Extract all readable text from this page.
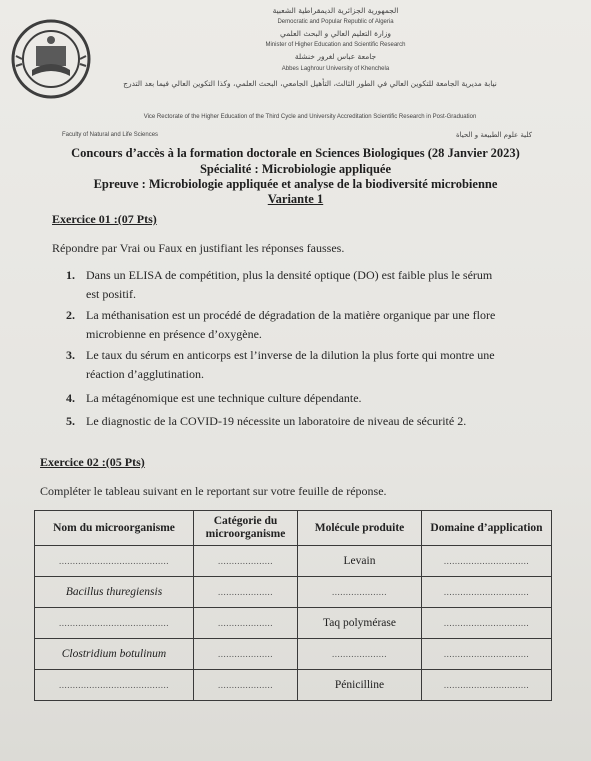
الجمهورية الجزائرية الديمقراطية الشعبية
Democratic and Popular Republic of Algeria
وزارة التعليم العالي و البحث العلمي
Minister of Higher Education and Scientific Research
جامعة عباس لغرور خنشلة
Abbes Laghrour University of Khenchela
نيابة مديرية الجامعة للتكوين العالي في الطور الثالث، التأهيل الجامعي، البحث العلمي، وكذا التكوين العالي فيما بعد التدرج
Vice Rectorate of the Higher Education of the Third Cycle and University Accreditation Scientific Research in Post-Graduation
Faculty of Natural and Life Sciences	كلية علوم الطبيعة و الحياة
Concours d’accès à la formation doctorale en Sciences Biologiques (28 Janvier 2023)
Spécialité : Microbiologie appliquée
Epreuve : Microbiologie appliquée et analyse de la biodiversité microbienne
Variante 1
Exercice 01 :(07 Pts)
Répondre par Vrai ou Faux en justifiant les réponses fausses.
1. Dans un ELISA de compétition, plus la densité optique (DO) est faible plus le sérum
est positif.
2. La méthanisation est un procédé de dégradation de la matière organique par une flore
microbienne en présence d’oxygène.
3. Le taux du sérum en anticorps est l’inverse de la dilution la plus forte qui montre une
réaction d’agglutination.
4. La métagénomique est une technique culture dépendante.
5. Le diagnostic de la COVID-19 nécessite un laboratoire de niveau de sécurité 2.
Exercice 02 :(05 Pts)
Compléter le tableau suivant en le reportant sur votre feuille de réponse.
Nom du microorganisme	Catégorie du microorganisme	Molécule produite	Domaine d’application
........................................	....................	Levain	...............................
Bacillus thuregiensis	....................	....................	...............................
........................................	....................	Taq polymérase	...............................
Clostridium botulinum	....................	....................	...............................
........................................	....................	Pénicilline	...............................
